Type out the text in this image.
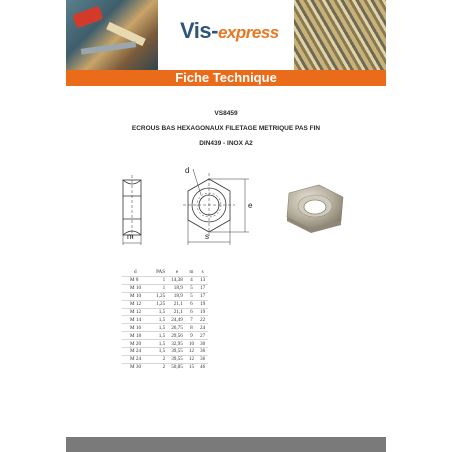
Vis-express
Fiche Technique
VS8459
ECROUS BAS HEXAGONAUX FILETAGE METRIQUE PAS FIN
DIN439 - INOX A2
m
d
s
e
d	PAS	e	m	s
M 8	1	14,38	4	13
M 10	1	18,9	5	17
M 10	1,25	18,9	5	17
M 12	1,25	21,1	6	19
M 12	1,5	21,1	6	19
M 14	1,5	24,49	7	22
M 16	1,5	26,75	8	24
M 18	1,5	29,56	9	27
M 20	1,5	32,95	10	30
M 24	1,5	39,55	12	36
M 24	2	39,55	12	36
M 30	2	50,85	15	46
